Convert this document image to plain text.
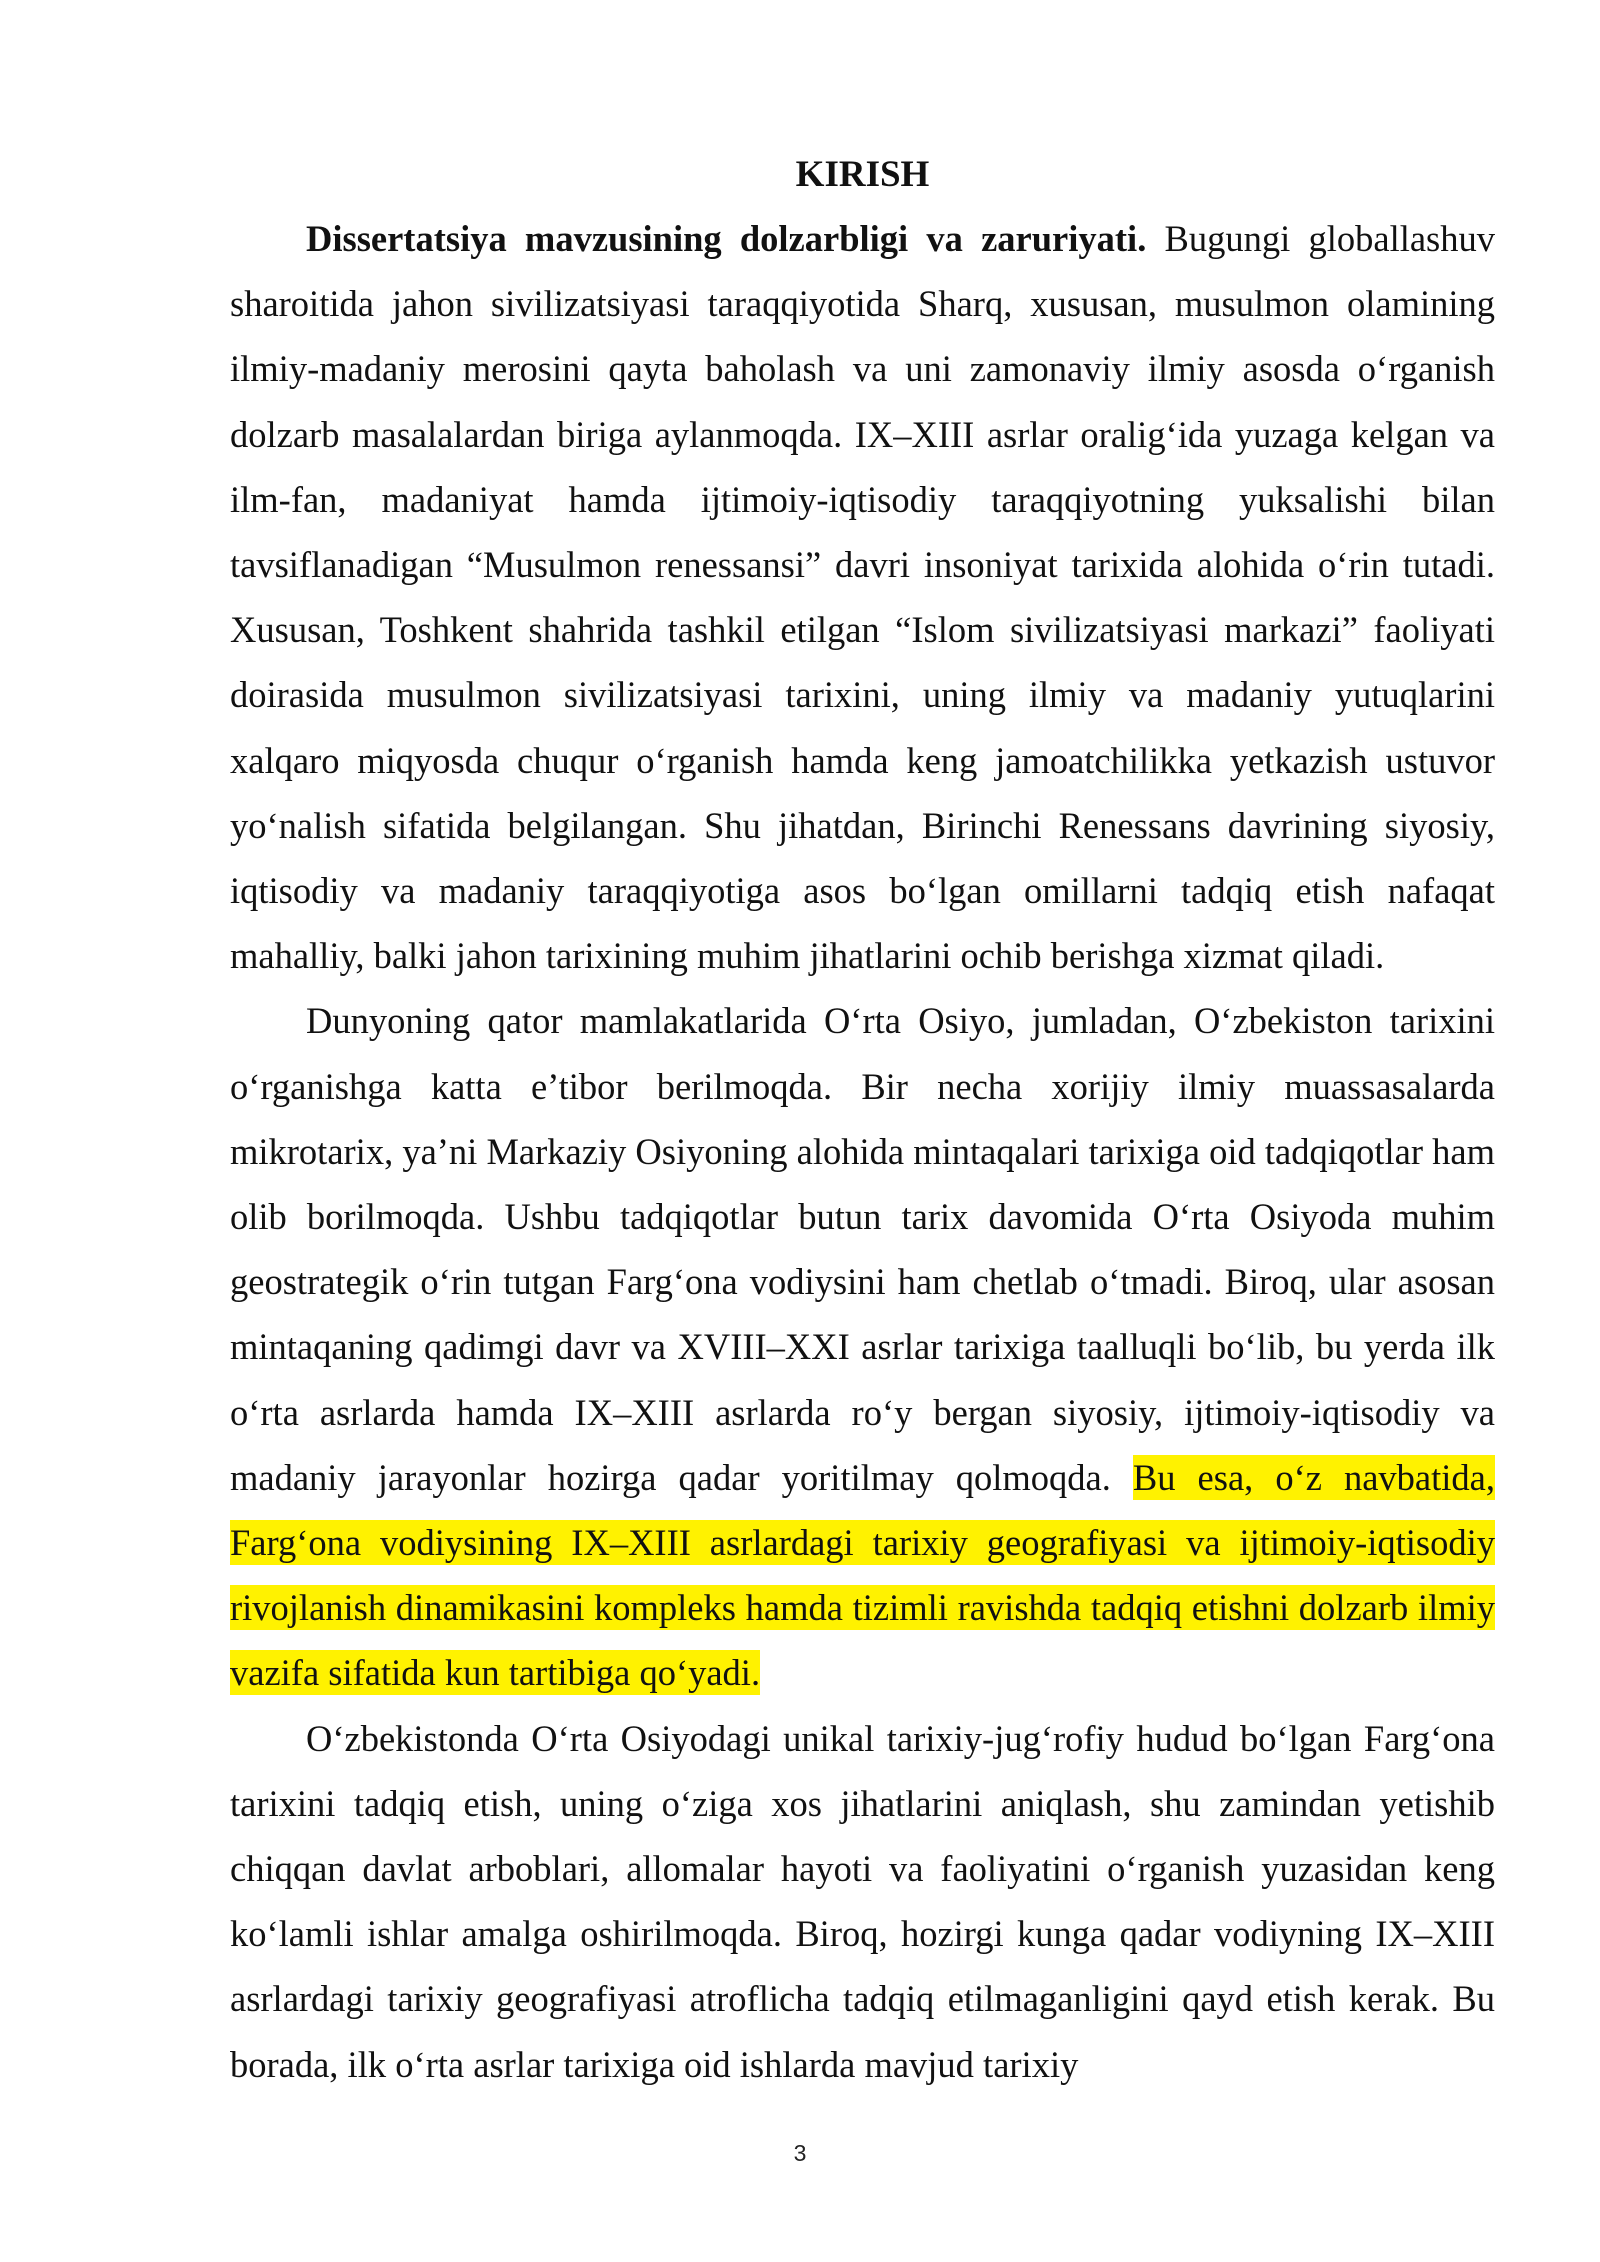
KIRISH

Dissertatsiya mavzusining dolzarbligi va zaruriyati. Bugungi globallashuv sharoitida jahon sivilizatsiyasi taraqqiyotida Sharq, xususan, musulmon olamining ilmiy-madaniy merosini qayta baholash va uni zamonaviy ilmiy asosda o‘rganish dolzarb masalalardan biriga aylanmoqda. IX–XIII asrlar oralig‘ida yuzaga kelgan va ilm-fan, madaniyat hamda ijtimoiy-iqtisodiy taraqqiyotning yuksalishi bilan tavsiflanadigan “Musulmon renessansi” davri insoniyat tarixida alohida o‘rin tutadi. Xususan, Toshkent shahrida tashkil etilgan “Islom sivilizatsiyasi markazi” faoliyati doirasida musulmon sivilizatsiyasi tarixini, uning ilmiy va madaniy yutuqlarini xalqaro miqyosda chuqur o‘rganish hamda keng jamoatchilikka yetkazish ustuvor yo‘nalish sifatida belgilangan. Shu jihatdan, Birinchi Renessans davrining siyosiy, iqtisodiy va madaniy taraqqiyotiga asos bo‘lgan omillarni tadqiq etish nafaqat mahalliy, balki jahon tarixining muhim jihatlarini ochib berishga xizmat qiladi.

Dunyoning qator mamlakatlarida O‘rta Osiyo, jumladan, O‘zbekiston tarixini o‘rganishga katta e’tibor berilmoqda. Bir necha xorijiy ilmiy muassasalarda mikrotarix, ya’ni Markaziy Osiyoning alohida mintaqalari tarixiga oid tadqiqotlar ham olib borilmoqda. Ushbu tadqiqotlar butun tarix davomida O‘rta Osiyoda muhim geostrategik o‘rin tutgan Farg‘ona vodiysini ham chetlab o‘tmadi. Biroq, ular asosan mintaqaning qadimgi davr va XVIII–XXI asrlar tarixiga taalluqli bo‘lib, bu yerda ilk o‘rta asrlarda hamda IX–XIII asrlarda ro‘y bergan siyosiy, ijtimoiy-iqtisodiy va madaniy jarayonlar hozirga qadar yoritilmay qolmoqda. Bu esa, o‘z navbatida, Farg‘ona vodiysining IX–XIII asrlardagi tarixiy geografiyasi va ijtimoiy-iqtisodiy rivojlanish dinamikasini kompleks hamda tizimli ravishda tadqiq etishni dolzarb ilmiy vazifa sifatida kun tartibiga qo‘yadi.

O‘zbekistonda O‘rta Osiyodagi unikal tarixiy-jug‘rofiy hudud bo‘lgan Farg‘ona tarixini tadqiq etish, uning o‘ziga xos jihatlarini aniqlash, shu zamindan yetishib chiqqan davlat arboblari, allomalar hayoti va faoliyatini o‘rganish yuzasidan keng ko‘lamli ishlar amalga oshirilmoqda. Biroq, hozirgi kunga qadar vodiyning IX–XIII asrlardagi tarixiy geografiyasi atroflicha tadqiq etilmaganligini qayd etish kerak. Bu borada, ilk o‘rta asrlar tarixiga oid ishlarda mavjud tarixiy

3
